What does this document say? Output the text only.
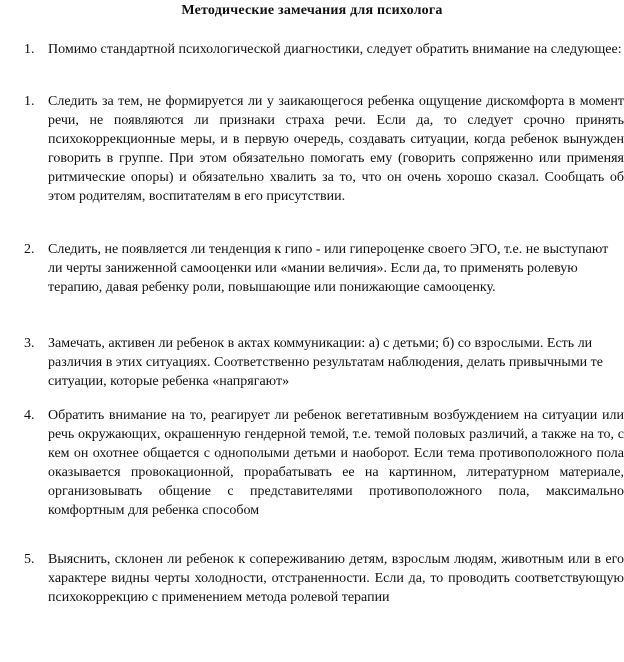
Методические замечания для психолога
1. Помимо стандартной психологической диагностики, следует обратить внимание на следующее:
1. Следить за тем, не формируется ли у заикающегося ребенка ощущение дискомфорта в момент речи, не появляются ли признаки страха речи. Если да, то следует срочно принять психокоррекционные меры, и в первую очередь, создавать ситуации, когда ребенок вынужден говорить в группе. При этом обязательно помогать ему (говорить сопряженно или применяя ритмические опоры) и обязательно хвалить за то, что он очень хорошо сказал. Сообщать об этом родителям, воспитателям в его присутствии.
2. Следить, не появляется ли тенденция к гипо - или гипероценке своего ЭГО, т.е. не выступают ли черты заниженной самооценки или «мании величия». Если да, то применять ролевую терапию, давая ребенку роли, повышающие или понижающие самооценку.
3. Замечать, активен ли ребенок в актах коммуникации: а) с детьми; б) со взрослыми. Есть ли различия в этих ситуациях. Соответственно результатам наблюдения, делать привычными те ситуации, которые ребенка «напрягают»
4. Обратить внимание на то, реагирует ли ребенок вегетативным возбуждением на ситуации или речь окружающих, окрашенную гендерной темой, т.е. темой половых различий, а также на то, с кем он охотнее общается с однополыми детьми и наоборот. Если тема противоположного пола оказывается провокационной, прорабатывать ее на картинном, литературном материале, организовывать общение с представителями противоположного пола, максимально комфортным для ребенка способом
5. Выяснить, склонен ли ребенок к сопереживанию детям, взрослым людям, животным или в его характере видны черты холодности, отстраненности. Если да, то проводить соответствующую психокоррекцию с применением метода ролевой терапии
